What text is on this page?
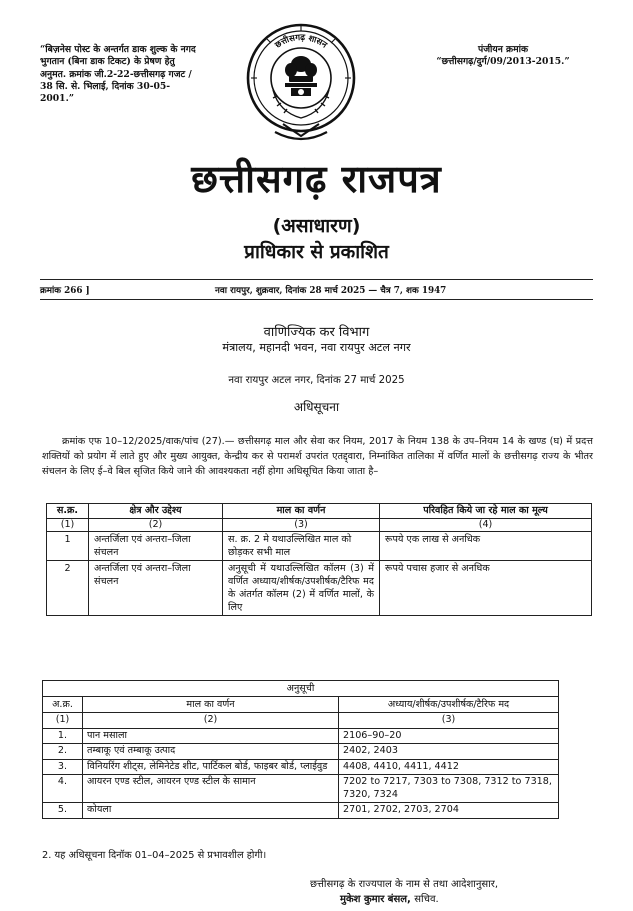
“बिज़नेस पोस्ट के अन्तर्गत डाक शुल्क के नगद भुगतान (बिना डाक टिकट) के प्रेषण हेतु अनुमत. क्रमांक जी.2-22-छत्तीसगढ़ गजट / 38 सि. से. भिलाई, दिनांक 30-05-2001.”
पंजीयन क्रमांक
“छत्तीसगढ़/दुर्ग/09/2013-2015.”
छत्तीसगढ़ शासन
छत्तीसगढ़ राजपत्र
(असाधारण)
प्राधिकार से प्रकाशित
क्रमांक 266 ]	नवा रायपुर, शुक्रवार, दिनांक 28 मार्च 2025 — चैत्र 7, शक 1947
वाणिज्यिक कर विभाग
मंत्रालय, महानदी भवन, नवा रायपुर अटल नगर
नवा रायपुर अटल नगर, दिनांक 27 मार्च 2025
अधिसूचना
क्रमांक एफ 10–12/2025/वाक/पांच (27).— छत्तीसगढ़ माल और सेवा कर नियम, 2017 के नियम 138 के उप–नियम 14 के खण्ड (घ) में प्रदत्त शक्तियों को प्रयोग में लाते हुए और मुख्य आयुक्त, केन्द्रीय कर से परामर्श उपरांत एतद्द्वारा, निम्नांकित तालिका में वर्णित मालों के छत्तीसगढ़ राज्य के भीतर संचलन के लिए ई–वे बिल सृजित किये जाने की आवश्यकता नहीं होगा अधिसूचित किया जाता है–
स.क्र.	क्षेत्र और उद्देश्य	माल का वर्णन	परिवहित किये जा रहे माल का मूल्य
(1)	(2)	(3)	(4)
1	अन्तर्जिला एवं अन्तरा–जिला संचलन	स. क्र. 2 मे यथाउल्लिखित माल को छोड़कर सभी माल	रूपये एक लाख से अनधिक
2	अन्तर्जिला एवं अन्तरा–जिला संचलन	अनुसूची में यथाउल्लिखित कॉलम (3) में वर्णित अध्याय/शीर्षक/उपशीर्षक/टैरिफ मद के अंतर्गत कॉलम (2) में वर्णित मालों, के लिए	रूपये पचास हजार से अनधिक
अनुसूची		
अ.क्र.	माल का वर्णन	अध्याय/शीर्षक/उपशीर्षक/टैरिफ मद
(1)	(2)	(3)
1.	पान मसाला	2106–90–20
2.	तम्बाकू एवं तम्बाकू उत्पाद	2402, 2403
3.	विनियरिंग शीट्स, लेमिनेटेड शीट, पार्टिकल बोर्ड, फाइबर बोर्ड, प्लाईवुड	4408, 4410, 4411, 4412
4.	आयरन एण्ड स्टील, आयरन एण्ड स्टील के सामान	7202 to 7217, 7303 to 7308, 7312 to 7318, 7320, 7324
5.	कोयला	2701, 2702, 2703, 2704
2. यह अधिसूचना दिनॉक 01–04–2025 से प्रभावशील होगी।
छत्तीसगढ़ के राज्यपाल के नाम से तथा आदेशानुसार,
मुकेश कुमार बंसल, सचिव.
